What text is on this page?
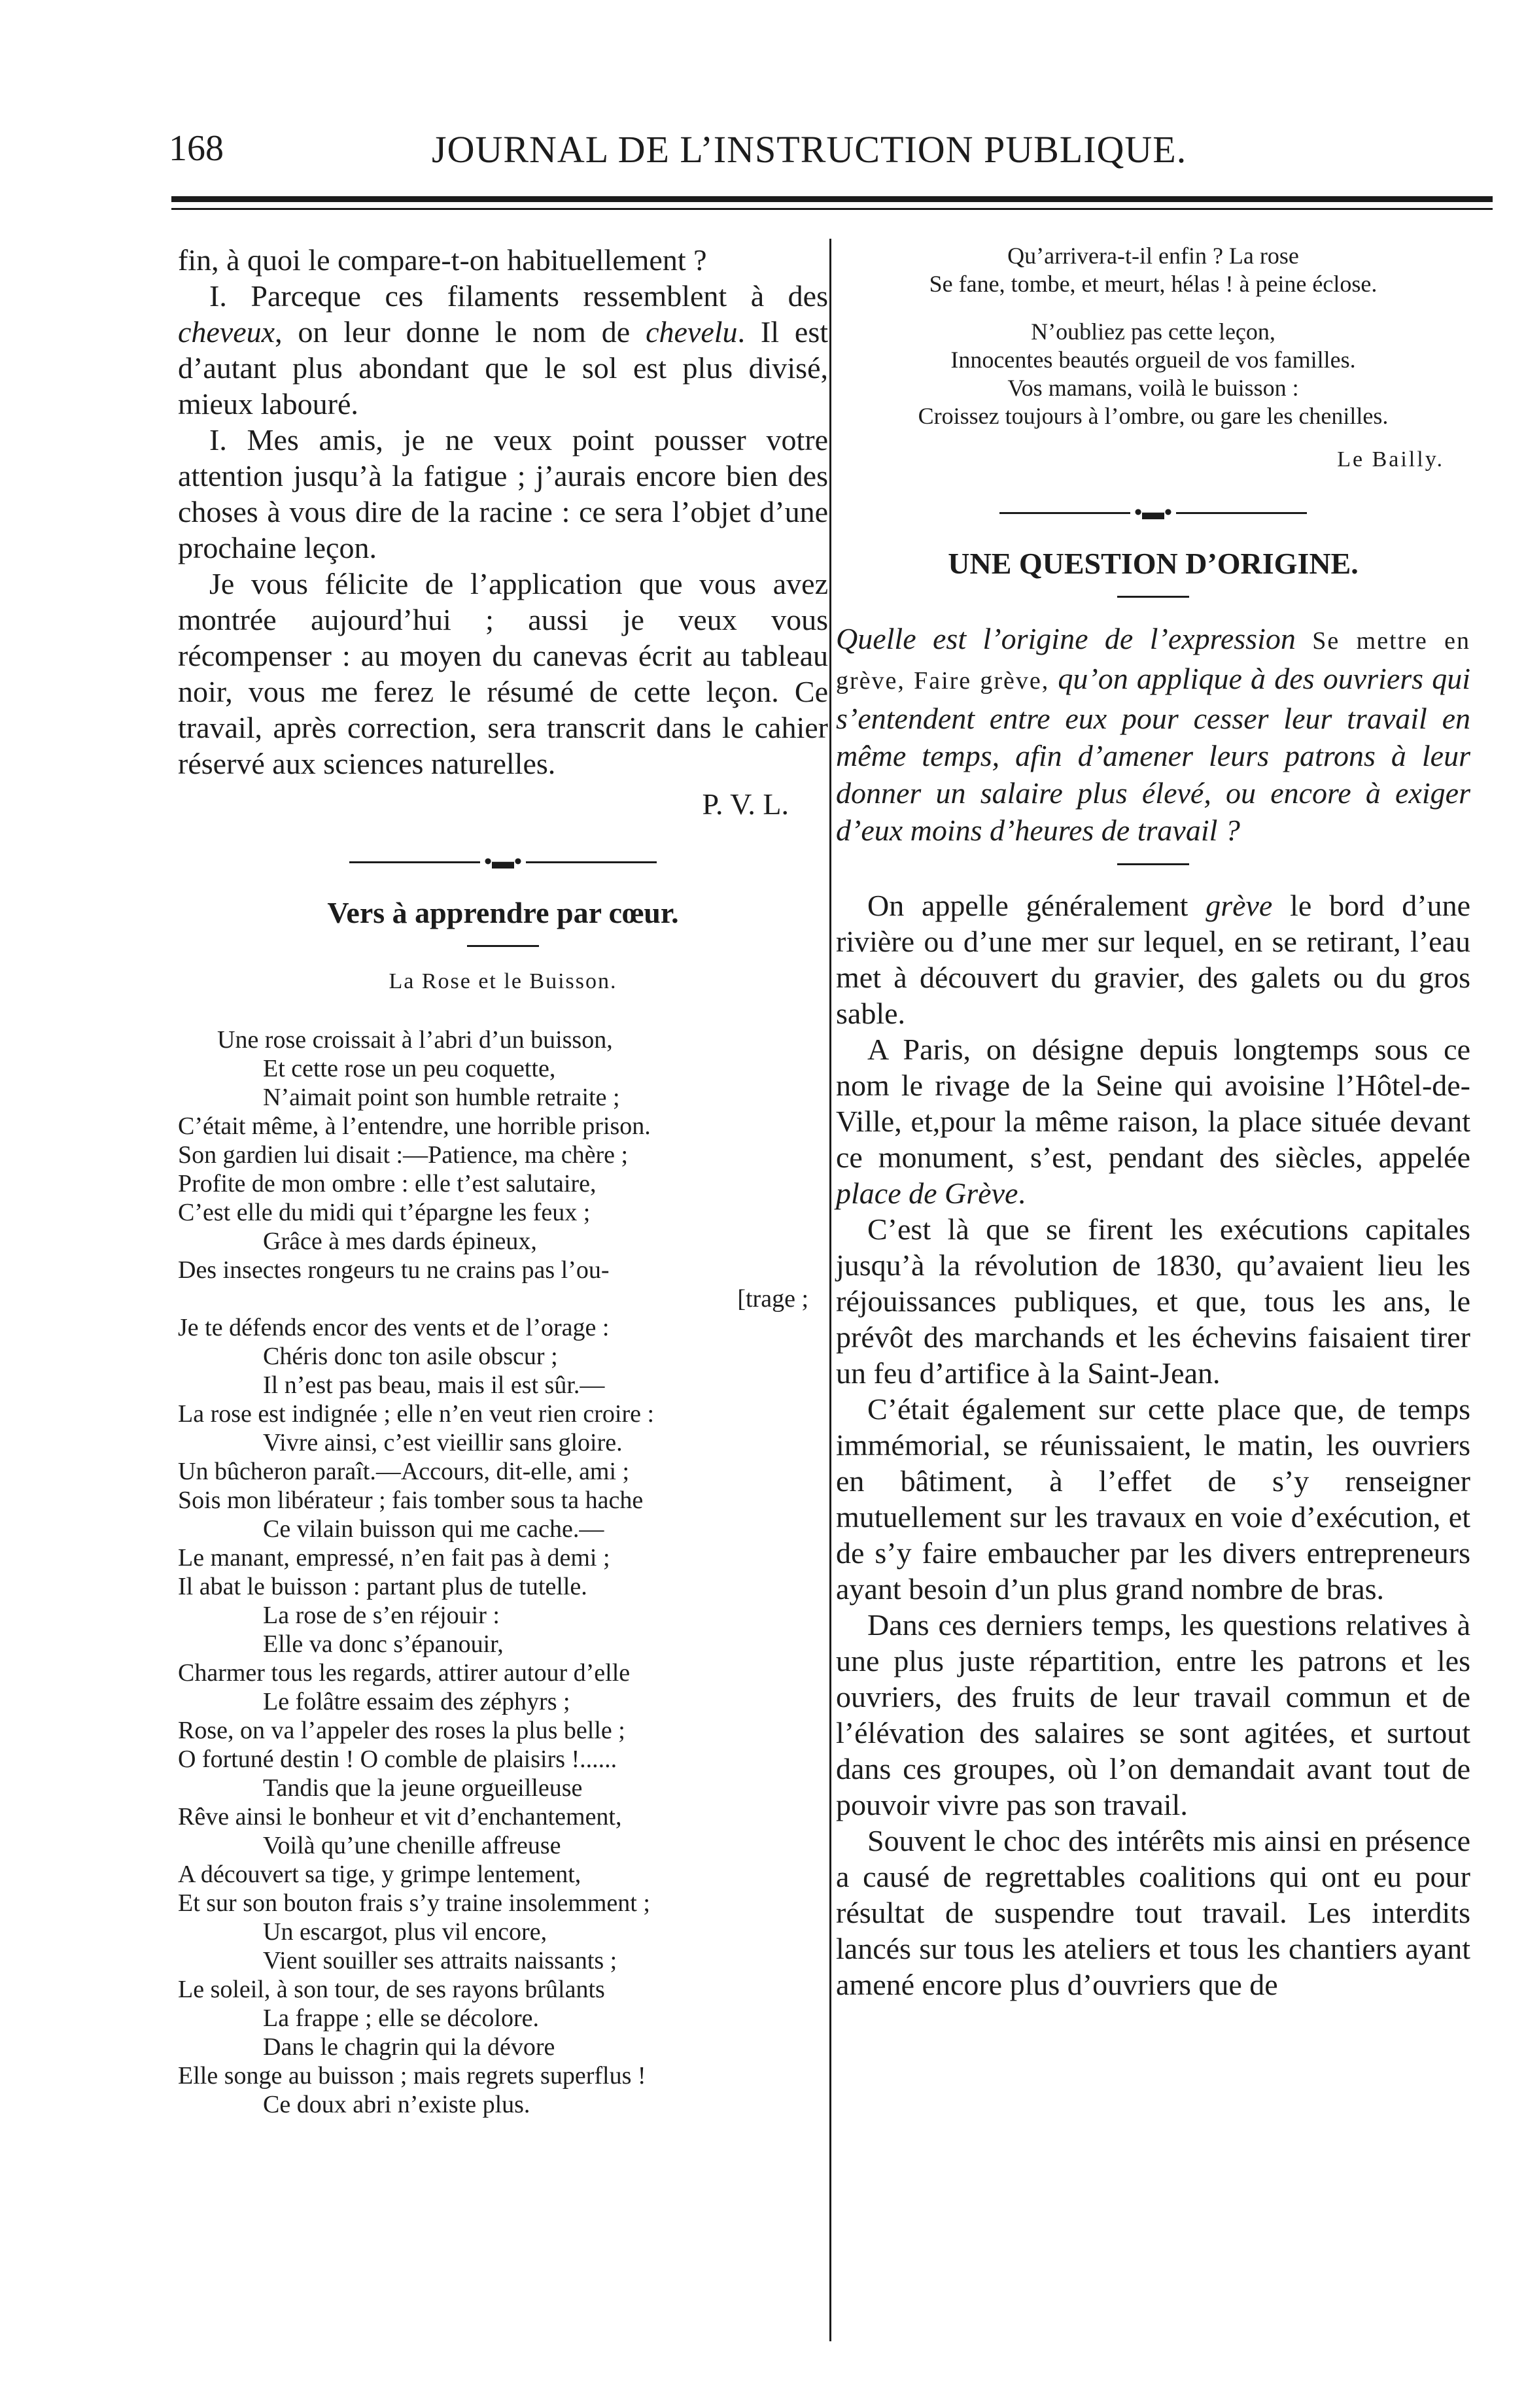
168	JOURNAL DE L’INSTRUCTION PUBLIQUE.

fin, à quoi le compare-t-on habituellement ?

I. Parceque ces filaments ressemblent à des cheveux, on leur donne le nom de chevelu. Il est d’autant plus abondant que le sol est plus divisé, mieux labouré.

I. Mes amis, je ne veux point pousser votre attention jusqu’à la fatigue ; j’aurais encore bien des choses à vous dire de la racine : ce sera l’objet d’une prochaine leçon.

Je vous félicite de l’application que vous avez montrée aujourd’hui ; aussi je veux vous récompenser : au moyen du canevas écrit au tableau noir, vous me ferez le résumé de cette leçon. Ce travail, après correction, sera transcrit dans le cahier réservé aux sciences naturelles.

P. V. L.
•▬•
Vers à apprendre par cœur.
La Rose et le Buisson.
Une rose croissait à l’abri d’un buisson,
Et cette rose un peu coquette,
N’aimait point son humble retraite ;
C’était même, à l’entendre, une horrible prison.
Son gardien lui disait :—Patience, ma chère ;
Profite de mon ombre : elle t’est salutaire,
C’est elle du midi qui t’épargne les feux ;
Grâce à mes dards épineux,
Des insectes rongeurs tu ne crains pas l’ou-
[trage ;
Je te défends encor des vents et de l’orage :
Chéris donc ton asile obscur ;
Il n’est pas beau, mais il est sûr.—
La rose est indignée ; elle n’en veut rien croire :
Vivre ainsi, c’est vieillir sans gloire.
Un bûcheron paraît.—Accours, dit-elle, ami ;
Sois mon libérateur ; fais tomber sous ta hache
Ce vilain buisson qui me cache.—
Le manant, empressé, n’en fait pas à demi ;
Il abat le buisson : partant plus de tutelle.
La rose de s’en réjouir :
Elle va donc s’épanouir,
Charmer tous les regards, attirer autour d’elle
Le folâtre essaim des zéphyrs ;
Rose, on va l’appeler des roses la plus belle ;
O fortuné destin ! O comble de plaisirs !......
Tandis que la jeune orgueilleuse
Rêve ainsi le bonheur et vit d’enchantement,
Voilà qu’une chenille affreuse
A découvert sa tige, y grimpe lentement,
Et sur son bouton frais s’y traine insolemment ;
Un escargot, plus vil encore,
Vient souiller ses attraits naissants ;
Le soleil, à son tour, de ses rayons brûlants
La frappe ; elle se décolore.
Dans le chagrin qui la dévore
Elle songe au buisson ; mais regrets superflus !
Ce doux abri n’existe plus.
Qu’arrivera-t-il enfin ? La rose
Se fane, tombe, et meurt, hélas ! à peine éclose.
N’oubliez pas cette leçon,
Innocentes beautés orgueil de vos familles.
Vos mamans, voilà le buisson :
Croissez toujours à l’ombre, ou gare les chenilles.
Le Bailly.
•▬•
UNE QUESTION D’ORIGINE.

Quelle est l’origine de l’expression Se mettre en grève, Faire grève, qu’on applique à des ouvriers qui s’entendent entre eux pour cesser leur travail en même temps, afin d’amener leurs patrons à leur donner un salaire plus élevé, ou encore à exiger d’eux moins d’heures de travail ?

On appelle généralement grève le bord d’une rivière ou d’une mer sur lequel, en se retirant, l’eau met à découvert du gravier, des galets ou du gros sable.

A Paris, on désigne depuis longtemps sous ce nom le rivage de la Seine qui avoisine l’Hôtel-de-Ville, et,pour la même raison, la place située devant ce monument, s’est, pendant des siècles, appelée place de Grève.

C’est là que se firent les exécutions capitales jusqu’à la révolution de 1830, qu’avaient lieu les réjouissances publiques, et que, tous les ans, le prévôt des marchands et les échevins faisaient tirer un feu d’artifice à la Saint-Jean.

C’était également sur cette place que, de temps immémorial, se réunissaient, le matin, les ouvriers en bâtiment, à l’effet de s’y renseigner mutuellement sur les travaux en voie d’exécution, et de s’y faire embaucher par les divers entrepreneurs ayant besoin d’un plus grand nombre de bras.

Dans ces derniers temps, les questions relatives à une plus juste répartition, entre les patrons et les ouvriers, des fruits de leur travail commun et de l’élévation des salaires se sont agitées, et surtout dans ces groupes, où l’on demandait avant tout de pouvoir vivre pas son travail.

Souvent le choc des intérêts mis ainsi en présence a causé de regrettables coalitions qui ont eu pour résultat de suspendre tout travail. Les interdits lancés sur tous les ateliers et tous les chantiers ayant amené encore plus d’ouvriers que de
